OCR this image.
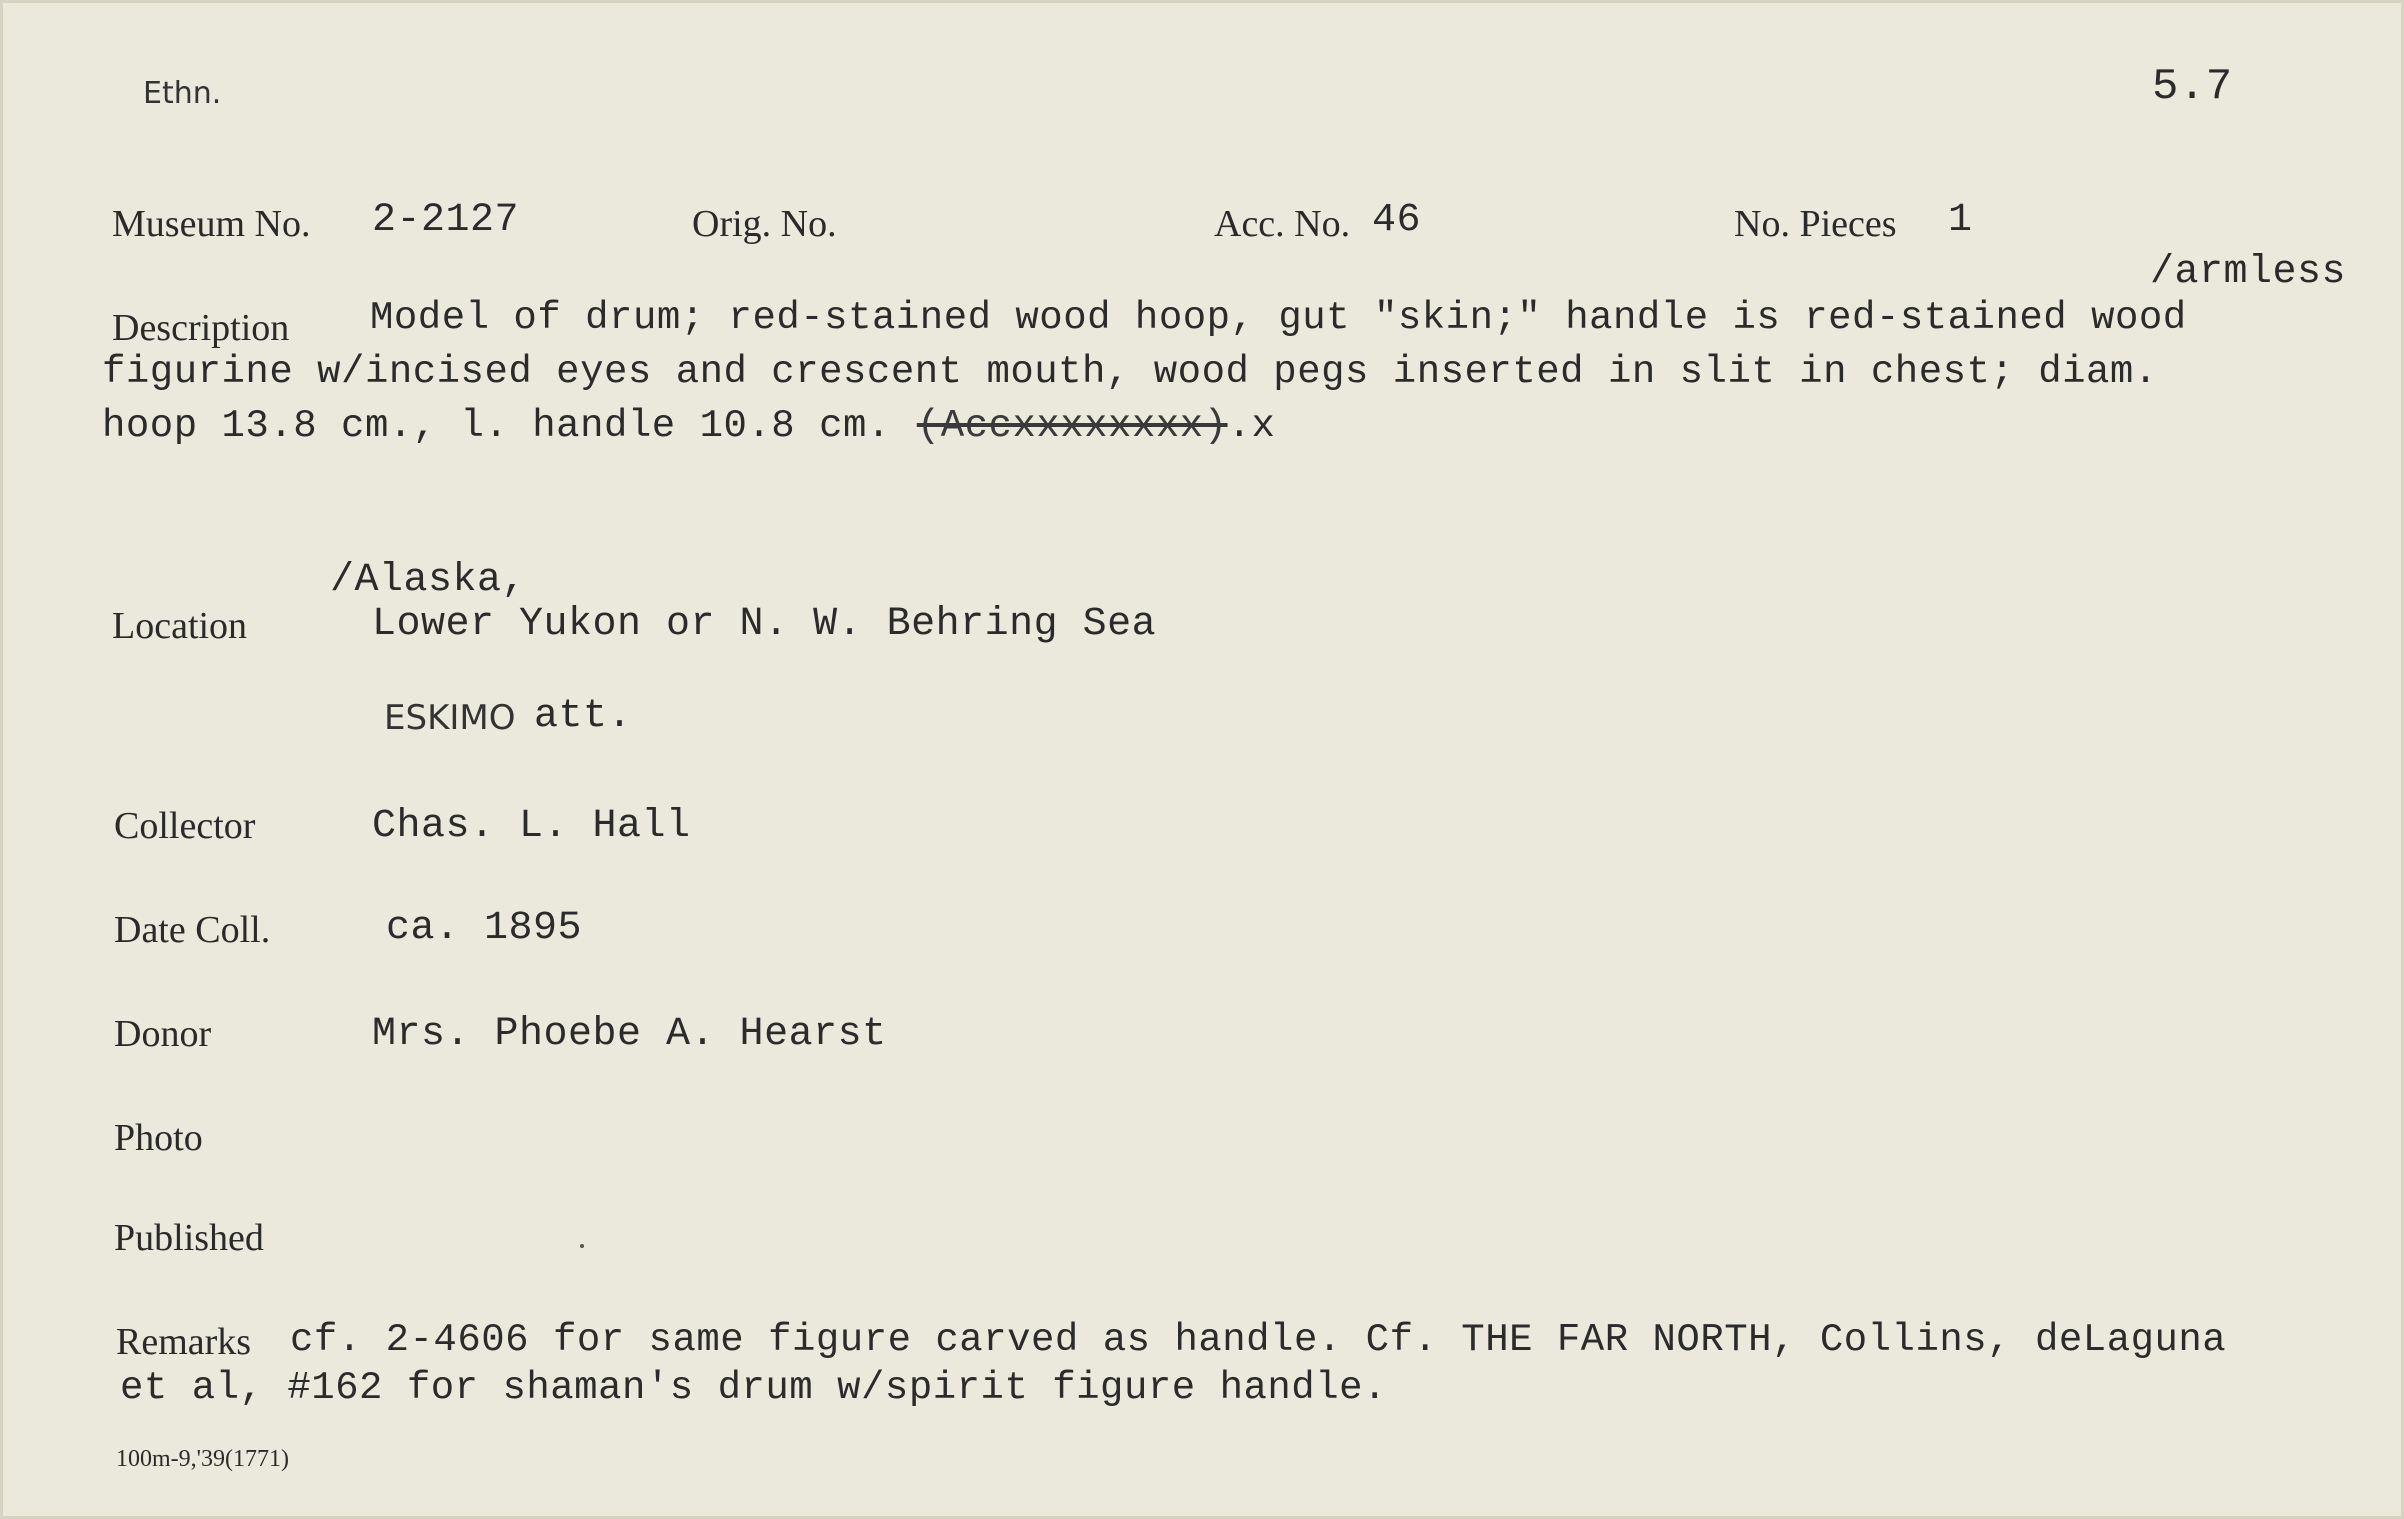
Ethn.	5.7
Museum No. 2-2127	Orig. No.	Acc. No. 46	No. Pieces 1
/armless
Description Model of drum; red-stained wood hoop, gut "skin;" handle is red-stained wood
figurine w/incised eyes and crescent mouth, wood pegs inserted in slit in chest; diam.
hoop 13.8 cm., l. handle 10.8 cm. (Accxxxxxxxx).x
/Alaska,
Location	Lower Yukon or N. W. Behring Sea
ESKIMO att.
Collector	Chas. L. Hall
Date Coll.	ca. 1895
Donor	Mrs. Phoebe A. Hearst
Photo
Published
Remarks cf. 2-4606 for same figure carved as handle. Cf. THE FAR NORTH, Collins, deLaguna
et al, #162 for shaman's drum w/spirit figure handle.
100m-9,'39(1771)
